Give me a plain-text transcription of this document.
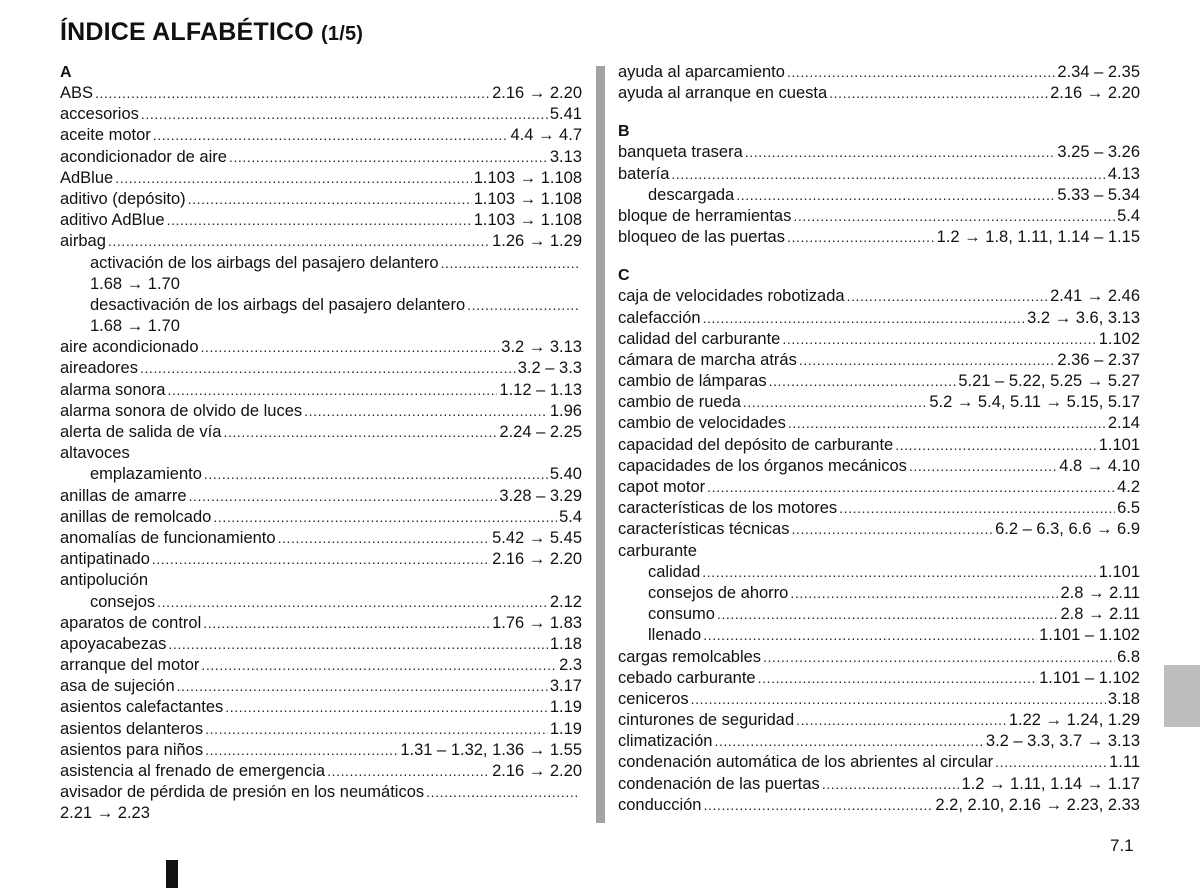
ÍNDICE ALFABÉTICO (1/5)
A
ABS .....	2.16 → 2.20
accesorios .....	5.41
aceite motor .....	4.4 → 4.7
acondicionador de aire .....	3.13
AdBlue .....	1.103 → 1.108
aditivo (depósito) .....	1.103 → 1.108
aditivo AdBlue .....	1.103 → 1.108
airbag .....	1.26 → 1.29
activación de los airbags del pasajero delantero
.....
1.68 → 1.70
desactivación de los airbags del pasajero delantero
.....
1.68 → 1.70
aire acondicionado .....	3.2 → 3.13
aireadores .....	3.2 – 3.3
alarma sonora .....	1.12 – 1.13
alarma sonora de olvido de luces .....	1.96
alerta de salida de vía .....	2.24 – 2.25
altavoces
emplazamiento .....	5.40
anillas de amarre .....	3.28 – 3.29
anillas de remolcado .....	5.4
anomalías de funcionamiento .....	5.42 → 5.45
antipatinado .....	2.16 → 2.20
antipolución
consejos .....	2.12
aparatos de control .....	1.76 → 1.83
apoyacabezas .....	1.18
arranque del motor .....	2.3
asa de sujeción .....	3.17
asientos calefactantes .....	1.19
asientos delanteros .....	1.19
asientos para niños .....	1.31 – 1.32, 1.36 → 1.55
asistencia al frenado de emergencia .....	2.16 → 2.20
avisador de pérdida de presión en los neumáticos
.....
2.21 → 2.23
ayuda al aparcamiento .....	2.34 – 2.35
ayuda al arranque en cuesta .....	2.16 → 2.20
B
banqueta trasera .....	3.25 – 3.26
batería .....	4.13
descargada .....	5.33 – 5.34
bloque de herramientas .....	5.4
bloqueo de las puertas .....	1.2 → 1.8, 1.11, 1.14 – 1.15
C
caja de velocidades robotizada .....	2.41 → 2.46
calefacción .....	3.2 → 3.6, 3.13
calidad del carburante .....	1.102
cámara de marcha atrás .....	2.36 – 2.37
cambio de lámparas .....	5.21 – 5.22, 5.25 → 5.27
cambio de rueda .....	5.2 → 5.4, 5.11 → 5.15, 5.17
cambio de velocidades .....	2.14
capacidad del depósito de carburante .....	1.101
capacidades de los órganos mecánicos .....	4.8 → 4.10
capot motor .....	4.2
características de los motores .....	6.5
características técnicas .....	6.2 – 6.3, 6.6 → 6.9
carburante
calidad .....	1.101
consejos de ahorro .....	2.8 → 2.11
consumo .....	2.8 → 2.11
llenado .....	1.101 – 1.102
cargas remolcables .....	6.8
cebado carburante .....	1.101 – 1.102
ceniceros .....	3.18
cinturones de seguridad .....	1.22 → 1.24, 1.29
climatización .....	3.2 – 3.3, 3.7 → 3.13
condenación automática de los abrientes al circular .....	1.11
condenación de las puertas .....	1.2 → 1.11, 1.14 → 1.17
conducción .....	2.2, 2.10, 2.16 → 2.23, 2.33
7.1
